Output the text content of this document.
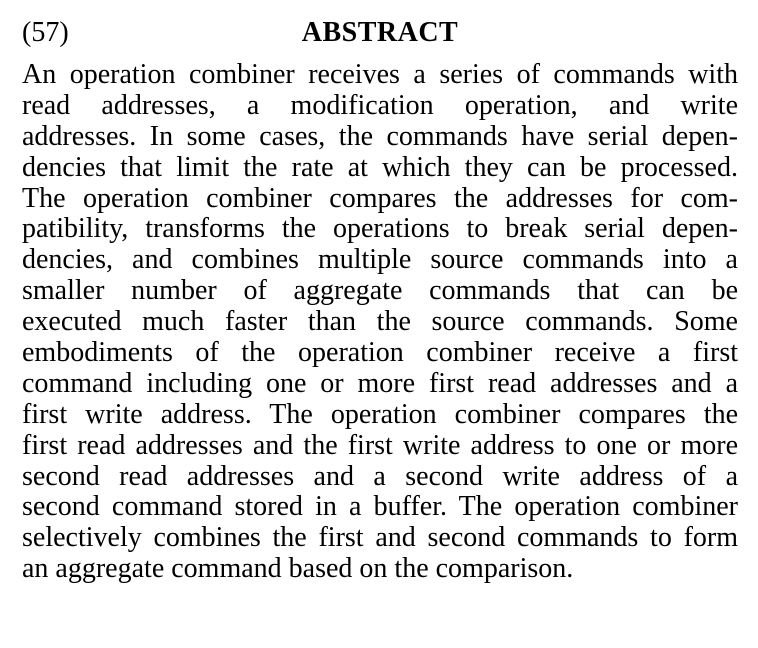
(57)	ABSTRACT
An operation combiner receives a series of commands with
read addresses, a modification operation, and write
addresses. In some cases, the commands have serial depen-
dencies that limit the rate at which they can be processed.
The operation combiner compares the addresses for com-
patibility, transforms the operations to break serial depen-
dencies, and combines multiple source commands into a
smaller number of aggregate commands that can be
executed much faster than the source commands. Some
embodiments of the operation combiner receive a first
command including one or more first read addresses and a
first write address. The operation combiner compares the
first read addresses and the first write address to one or more
second read addresses and a second write address of a
second command stored in a buffer. The operation combiner
selectively combines the first and second commands to form
an aggregate command based on the comparison.
